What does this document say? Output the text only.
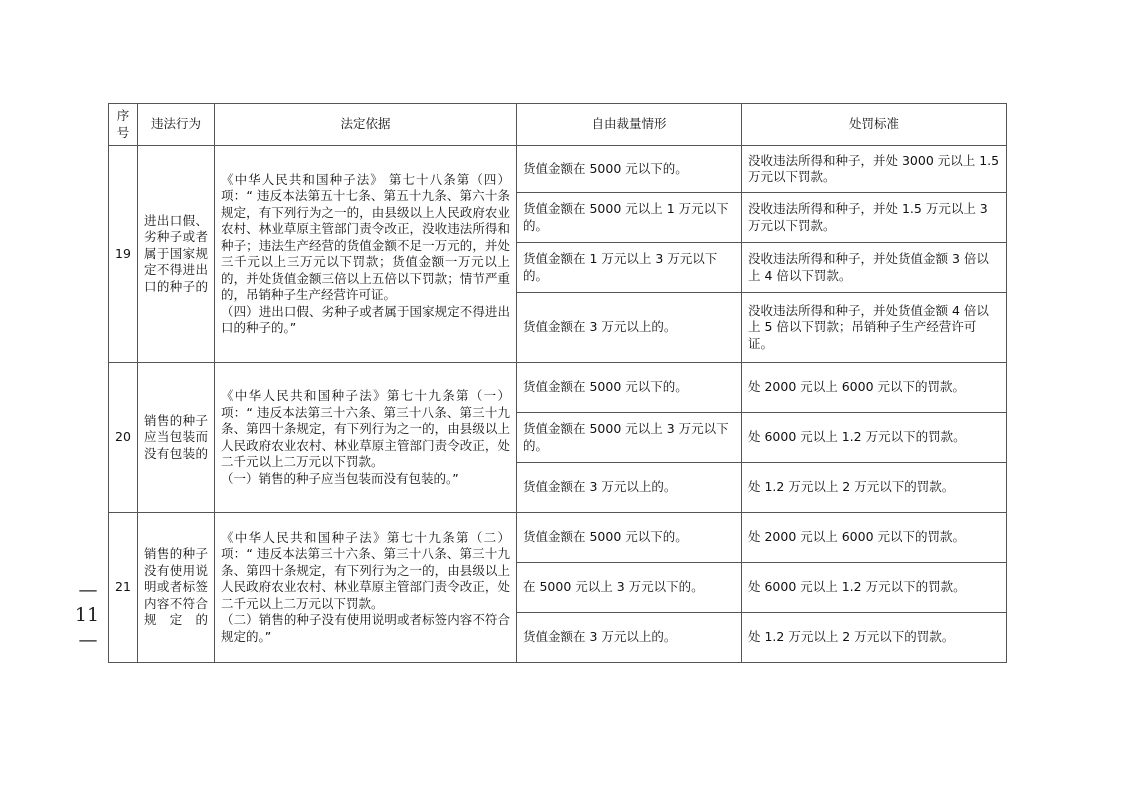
序号	违法行为	法定依据	自由裁量情形	处罚标准
19	进出口假、劣种子或者属于国家规定不得进出口的种子的	《中华人民共和国种子法》 第七十八条第（四）项：“ 违反本法第五十七条、第五十九条、第六十条规定，有下列行为之一的，由县级以上人民政府农业农村、林业草原主管部门责令改正，没收违法所得和种子；违法生产经营的货值金额不足一万元的，并处三千元以上三万元以下罚款；货值金额一万元以上的，并处货值金额三倍以上五倍以下罚款；情节严重的，吊销种子生产经营许可证。
（四）进出口假、劣种子或者属于国家规定不得进出口的种子的。”	货值金额在 5000 元以下的。	没收违法所得和种子，并处 3000 元以上 1.5 万元以下罚款。
			货值金额在 5000 元以上 1 万元以下的。	没收违法所得和种子，并处 1.5 万元以上 3 万元以下罚款。
			货值金额在 1 万元以上 3 万元以下的。	没收违法所得和种子，并处货值金额 3 倍以上 4 倍以下罚款。
			货值金额在 3 万元以上的。	没收违法所得和种子，并处货值金额 4 倍以上 5 倍以下罚款；吊销种子生产经营许可证。
20	销售的种子应当包装而没有包装的	《中华人民共和国种子法》第七十九条第（一）项：“ 违反本法第三十六条、第三十八条、第三十九条、第四十条规定，有下列行为之一的，由县级以上人民政府农业农村、林业草原主管部门责令改正，处二千元以上二万元以下罚款。
（一）销售的种子应当包装而没有包装的。”	货值金额在 5000 元以下的。	处 2000 元以上 6000 元以下的罚款。
			货值金额在 5000 元以上 3 万元以下的。	处 6000 元以上 1.2 万元以下的罚款。
			货值金额在 3 万元以上的。	处 1.2 万元以上 2 万元以下的罚款。
21	销售的种子没有使用说明或者标签内容不符合规定的	《中华人民共和国种子法》第七十九条第（二）项：“ 违反本法第三十六条、第三十八条、第三十九条、第四十条规定，有下列行为之一的，由县级以上人民政府农业农村、林业草原主管部门责令改正，处二千元以上二万元以下罚款。
（二）销售的种子没有使用说明或者标签内容不符合规定的。”	货值金额在 5000 元以下的。	处 2000 元以上 6000 元以下的罚款。
			在 5000 元以上 3 万元以下的。	处 6000 元以上 1.2 万元以下的罚款。
			货值金额在 3 万元以上的。	处 1.2 万元以上 2 万元以下的罚款。
—
11
—
